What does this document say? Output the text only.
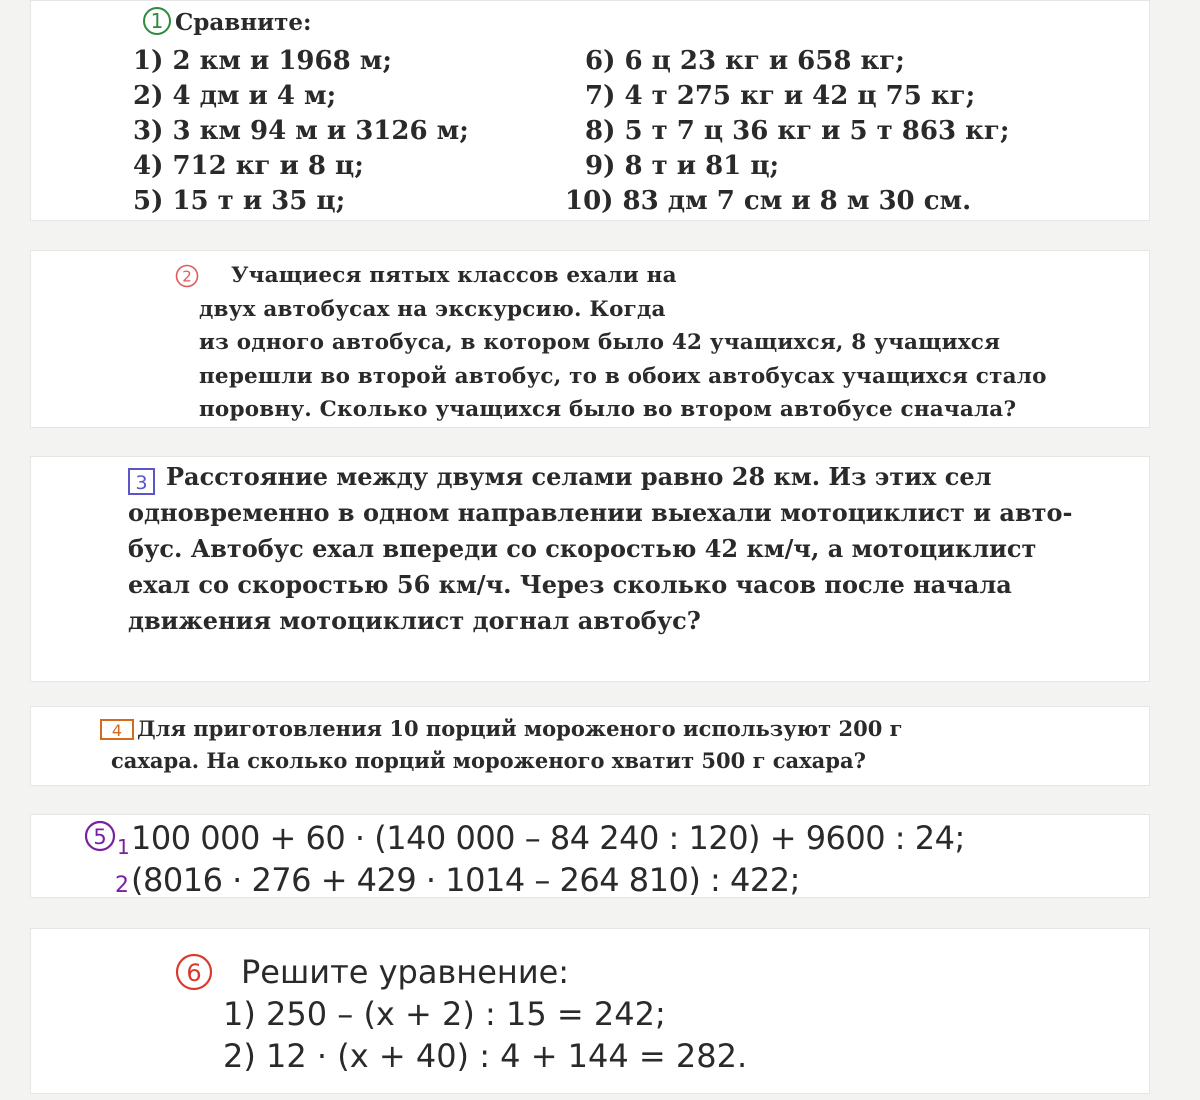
1 Сравните:
1) 2 км и 1968 м;
2) 4 дм и 4 м;
3) 3 км 94 м и 3126 м;
4) 712 кг и 8 ц;
5) 15 т и 35 ц;
6) 6 ц 23 кг и 658 кг;
7) 4 т 275 кг и 42 ц 75 кг;
8) 5 т 7 ц 36 кг и 5 т 863 кг;
9) 8 т и 81 ц;
10) 83 дм 7 см и 8 м 30 см.
2	Учащиеся пятых классов ехали на
двух автобусах на экскурсию. Когда
из одного автобуса, в котором было 42 учащихся, 8 учащихся
перешли во второй автобус, то в обоих автобусах учащихся стало
поровну. Сколько учащихся было во втором автобусе сначала?
3 Расстояние между двумя селами равно 28 км. Из этих сел
одновременно в одном направлении выехали мотоциклист и авто-
бус. Автобус ехал впереди со скоростью 42 км/ч, а мотоциклист
ехал со скоростью 56 км/ч. Через сколько часов после начала
движения мотоциклист догнал автобус?
4 Для приготовления 10 порций мороженого используют 200 г
сахара. На сколько порций мороженого хватит 500 г сахара?
5 1
2
100 000 + 60 · (140 000 – 84 240 : 120) + 9600 : 24;
(8016 · 276 + 429 · 1014 – 264 810) : 422;
6	Решите уравнение:
1) 250 – (x + 2) : 15 = 242;
2) 12 · (x + 40) : 4 + 144 = 282.
